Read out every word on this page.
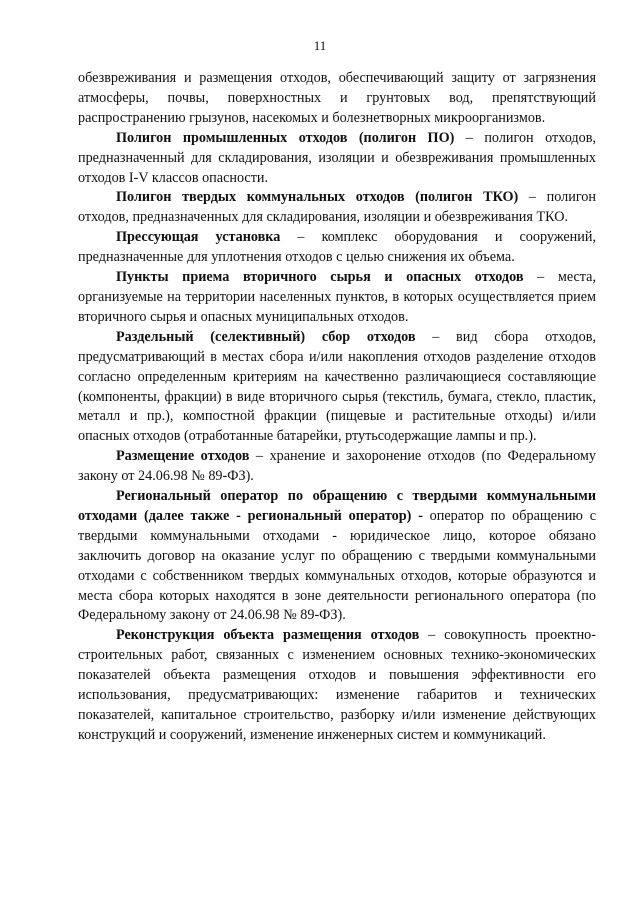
11

обезвреживания и размещения отходов, обеспечивающий защиту от загрязнения атмосферы, почвы, поверхностных и грунтовых вод, препятствующий распространению грызунов, насекомых и болезнетворных микроорганизмов.

Полигон промышленных отходов (полигон ПО) – полигон отходов, предназначенный для складирования, изоляции и обезвреживания промышленных отходов I-V классов опасности.

Полигон твердых коммунальных отходов (полигон ТКО) – полигон отходов, предназначенных для складирования, изоляции и обезвреживания ТКО.

Прессующая установка – комплекс оборудования и сооружений, предназначенные для уплотнения отходов с целью снижения их объема.

Пункты приема вторичного сырья и опасных отходов – места, организуемые на территории населенных пунктов, в которых осуществляется прием вторичного сырья и опасных муниципальных отходов.

Раздельный (селективный) сбор отходов – вид сбора отходов, предусматривающий в местах сбора и/или накопления отходов разделение отходов согласно определенным критериям на качественно различающиеся составляющие (компоненты, фракции) в виде вторичного сырья (текстиль, бумага, стекло, пластик, металл и пр.), компостной фракции (пищевые и растительные отходы) и/или опасных отходов (отработанные батарейки, ртутьсодержащие лампы и пр.).

Размещение отходов – хранение и захоронение отходов (по Федеральному закону от 24.06.98 № 89-ФЗ).

Региональный оператор по обращению с твердыми коммунальными отходами (далее также - региональный оператор) - оператор по обращению с твердыми коммунальными отходами - юридическое лицо, которое обязано заключить договор на оказание услуг по обращению с твердыми коммунальными отходами с собственником твердых коммунальных отходов, которые образуются и места сбора которых находятся в зоне деятельности регионального оператора (по Федеральному закону от 24.06.98 № 89-ФЗ).

Реконструкция объекта размещения отходов – совокупность проектно-строительных работ, связанных с изменением основных технико-экономических показателей объекта размещения отходов и повышения эффективности его использования, предусматривающих: изменение габаритов и технических показателей, капитальное строительство, разборку и/или изменение действующих конструкций и сооружений, изменение инженерных систем и коммуникаций.
